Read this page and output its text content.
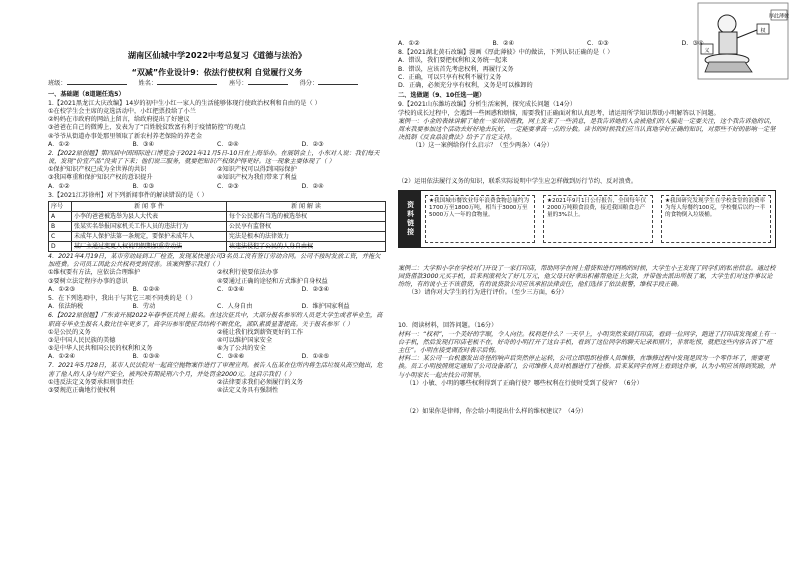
权
义
厚此薄彼
湖南区仙城中学2022中考总复习《道德与法治》
“双减”作业设计9：依法行使权利 自觉履行义务
班级：	姓名：	座号：	得分：

一、基础题（8道题任选5）

1.【2021黑龙江大庆改编】14岁的初中生小红一家人的生活能够体现行使政治权利和自由的是（ ）

①在校学生会主席的竞选活动中，小红把票投给了小兰

②妈妈在市政府的网站上留言，给政府提出了好建议

③爸爸在自己的微博上，发表为了“百姓脱贫致富有利于疫情防控”的观点

④爷爷从街道办事处那里领取了新农村养老保险的养老金

A．①②	B．③④	C．②④	D．②③

2.【2022原创题】第四届中国国际进口博览会于2021年11月5日-10日在上海举办。在展销会上，小东对人说：我们每天说，发现“价宜产品”没卖了下来；他们说三服务，就要把知识产权保护得更好。这一现象主要体现了（ ）

①保护知识产权已成为全世界的共识	②知识产权可以得到国际保护
③我国尊重和保护知识产权的意识提升	④知识产权为我们带来了利益
A．①②	B．①③	C．②③	D．②④

3.【2021江苏徐州】对下列新闻事件的解读错误的是（ ）

序号	新 闻 事 件	新 闻 解 读
A	小李的爸爸被选举为县人大代表	每个公民都有当选的被选举权
B	张某实名举报国家机关工作人员的违法行为	公民享有监督权
C	未成年人保护法第一条规定，要保护未成年人	宪法是根本的法律效力
D	某厂主通过变更人权说明假期加重劳动法	该违法侵犯了公民的人身自由权

4．2021年4月19日，某市劳动局到工厂检查，发现某快递公司3名员工没有签订劳动合同。公司不按时发放工资，并拖欠加班费。公司员工因此公共权利受到侵害。该案例警示我们（ ）

①维权要有方法，应依法合理维护	②权利行使要依法办事
③要树立法定程序办事的意识	④要通过正确的途径和方式维护自身权益
A．①②③	B．①②④	C．①③④	D．②③④

5．在下列选项中，我出于与其它三项不同类的是（ ）

A．依法纳税	B．劳动	C．人身自由	D．维护国家利益

6.【2022原创题】广东省开展2022年春季征兵网上报名。在这次征兵中，大部分报名参军的人员是大学生或者毕业生，高职高专毕业生报名人数比往年更多了，高学历参军使征兵结构不断优化，部队素质显著提高。关于报名参军（ ）

①是公民的义务	②能让我们找到薪资更好的工作
③是中国人民民族的美德	④可以维护国家安全
⑤是中华人民共和国公民的权利和义务	⑥为了公共的安全
A．①②④	B．①③④	C．③④⑥	D．①④⑤

7．2021年5月28日，某市人民法院对一起高空抛物案件进行了审理宣判。被告人伍某在住所内将生活垃圾从高空抛出，危害了他人的人身与财产安全，被判决有期徒刑六个月，并处罚金2000元。这启示我们（ ）

①违反法定义务要承担刑事责任	②法律要求我们必须履行的义务
③要规范正确地行使权利	④法定义务具有强制性
A．①②	B．②④	C．①③	D．③④

8.【2021湖北黄石改编】漫画《厚此薄彼》中的做法，下列认识正确的是（ ）

A．错误，我们要把权利和义务统一起来

B．错误，应该首先考虑权利，再履行义务

C．正确，可以只享有权利不履行义务

D．正确，必须充分享有权利，义务是可以推卸的

二、选做题（9、10任选一题）

9.【2021山东潍坊改编】分析生活案例，探究成长问题（14分）

学校的成长过程中，会遇到一些困惑和烦恼，需要我们正确面对和认真思考，请运用所学知识帮助小明解答以下问题。

案例一：小金的表妹讲解了她在一家培训班教，网上发来了一些消息，是我告诉她的人会被他们的人骗走一定要关注，这个我告诉他的话，周末我要参加这个活动去好好地去玩好，一定能要拿高一点的分数。读书的时候我们应当认真地学好正确的知识，对那些不好的影响一定坚决抵制《反食品浪费法》给予了肯定支持。

（1）这一案例给你什么启示？（至少两条）（4分）

（2）运用依法履行义务的知识，联系实际说明中学生应怎样做到厉行节约、反对浪费。

资料链接	★我国城市餐饮业每年浪费食物总量约为1700万至1800万吨，相当于3000万至5000万人一年的食物量。
★2021年9月1日公行报告，全国每年仅2000万吨粮食浪费，接近我国粮食总产量的3%以上。
★我国研究发现学生在学校食堂的浪费率为每人每餐约100克，学校餐后以约一半的食物倒入垃圾桶。

案例二：大学和小学在学校对门开设了一家打印店，帮助同学在网上借贷和进行网购的时候，大学生小王发现了同学们的私密信息。通过校园贷借款3000元买手机，后来利滚利欠了好几万元，他父母只好拿出积蓄帮他还上欠款，并带他去派出所报了案，大学生们对这件事议论纷纷，有的说小王不该借贷，有的说贷款公司应该承担法律责任，他们选择了依法报警，维权手段正确。

（3）请你对大学生的行为进行评价。（至少三方面，6分）

10．阅读材料，回答问题。（16分）

材料一：“权利”，一个美好的字眼，令人向往。权利是什么？一天早上，小明突然来到打印店，看到一位同学，跑进了打印店发现桌上有一台手机，然后发现打印店老板不在，好奇的小明打开了这台手机，看到了这位同学的聊天记录和照片，非常吃惊，就把这些内容告诉了“班主任”。小明在接受调查时表示后悔。

材料二：某公司一台机器发出奇怪的响声后突然停止运转，公司立即组织检修人员维修，在维修过程中发现是因为一个零件坏了，需要更换。员工小明按照规定通知了公司设备部门，公司维修人员对机器进行了检修。后来某同学在网上看到这件事，认为小明应该得到奖励，并与小明家长一起去找公司领导。

（1）小敏、小明的哪些权利得到了正确行使？哪些权利在行使时受到了侵害？（6分）

（2）如果你是律师，你会给小明提出什么样的维权建议？（4分）
